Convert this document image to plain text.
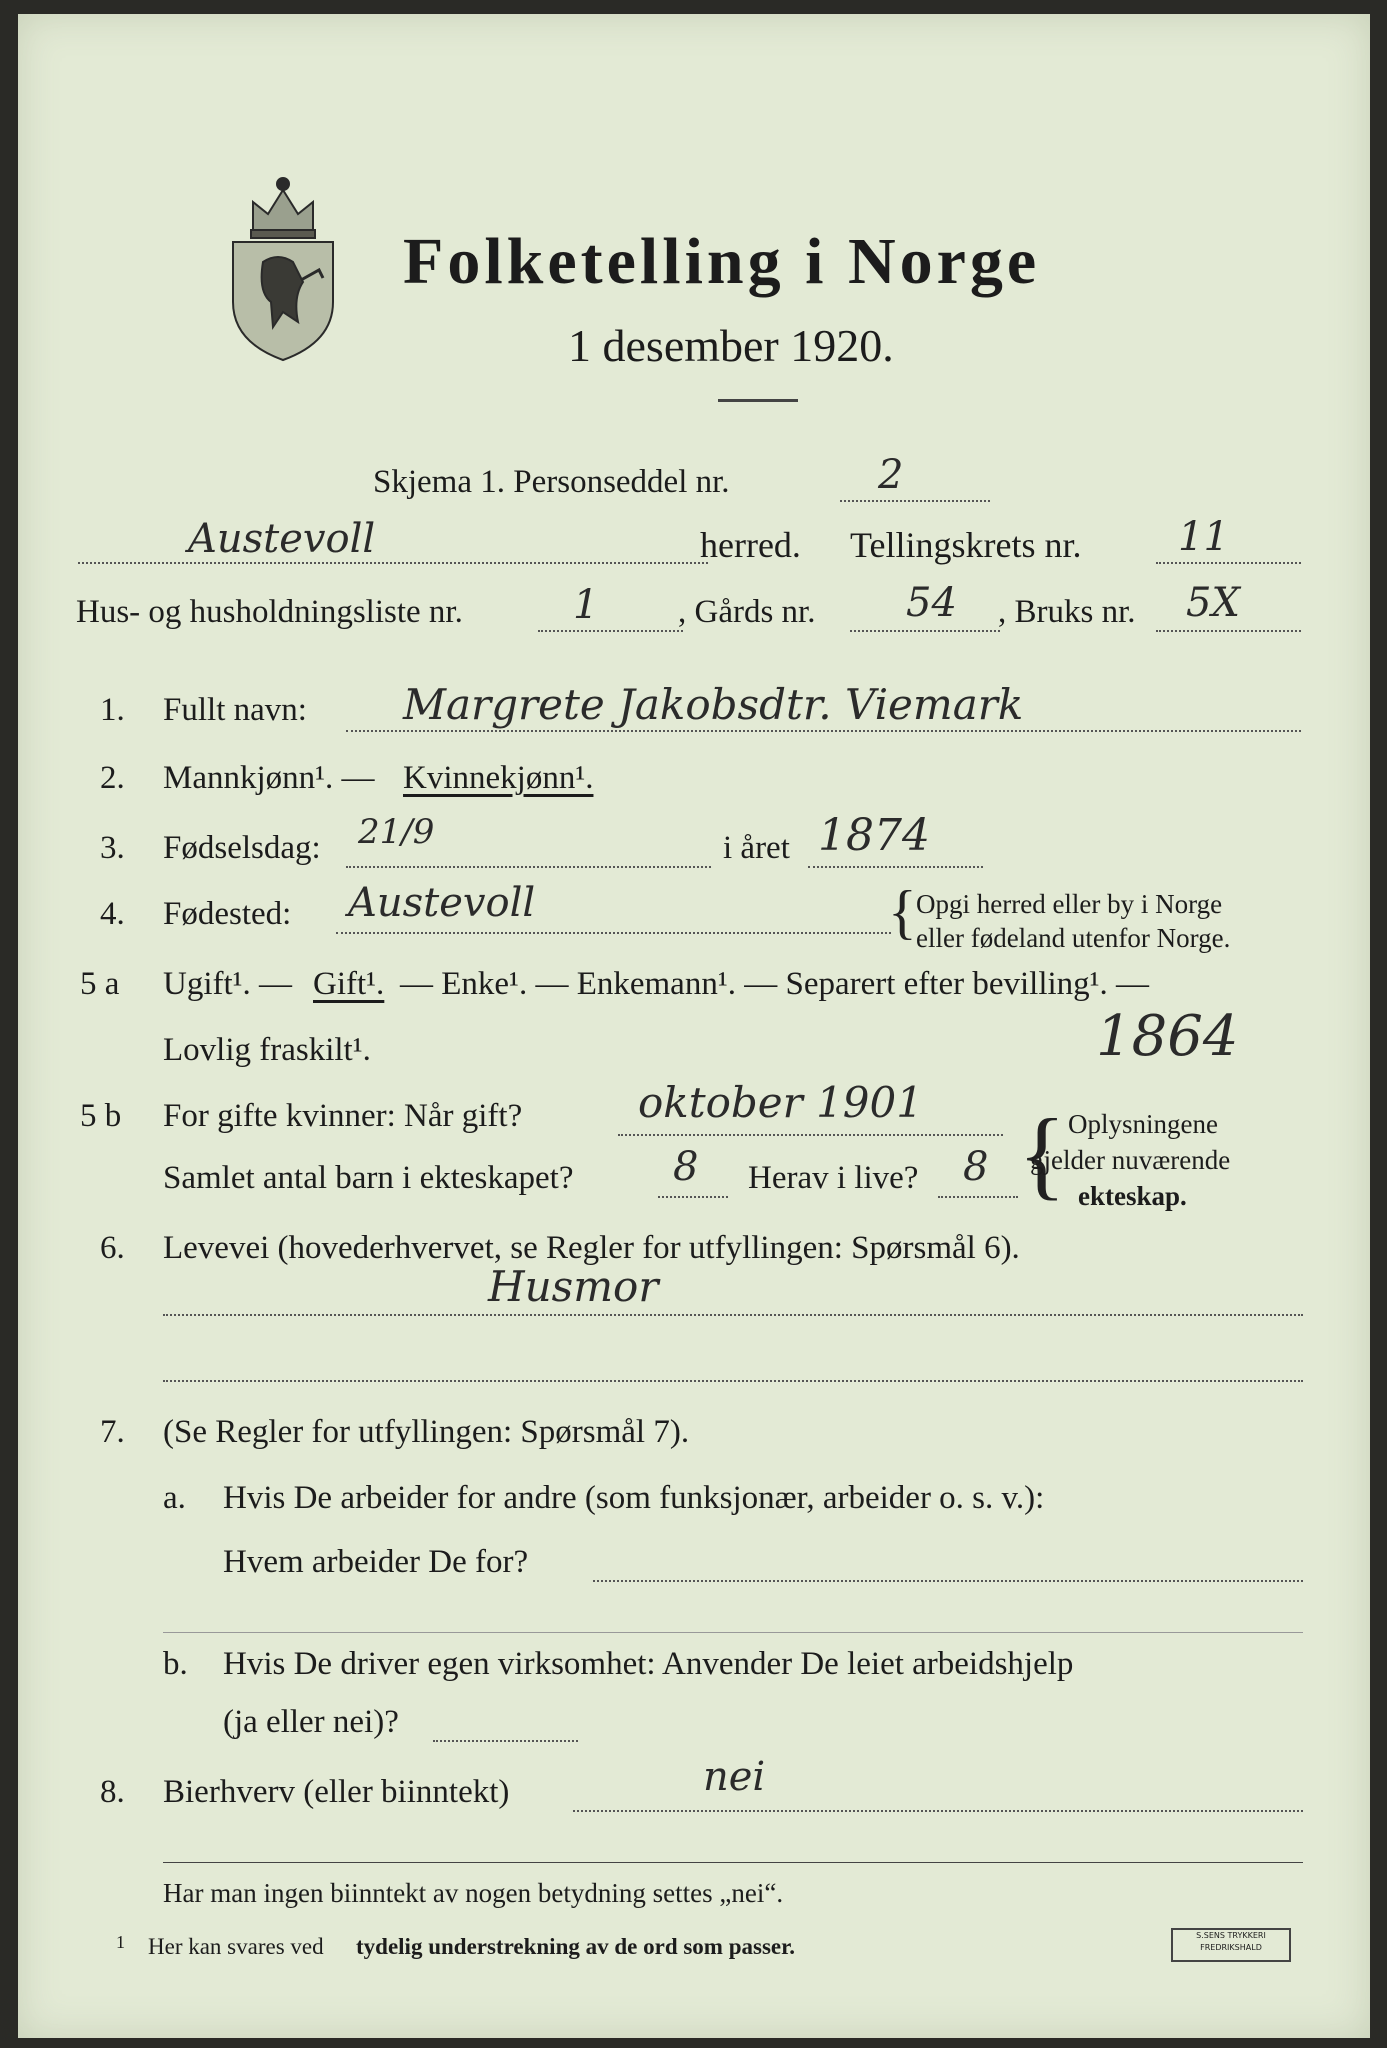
Folketelling i Norge
1 desember 1920.
Skjema 1. Personseddel nr.	2
Austevoll	herred. Tellingskrets nr. 11
Hus- og husholdningsliste nr.	1 , Gårds nr. 54 , Bruks nr. 5X
1. Fullt navn: Margrete Jakobsdtr. Viemark
2. Mannkjønn¹. — Kvinnekjønn¹.
3. Fødselsdag: 21/9	i året 1874
4. Fødested: Austevoll	{ Opgi herred eller by i Norge
eller fødeland utenfor Norge.
5 a Ugift¹. — Gift¹. — Enke¹. — Enkemann¹. — Separert efter bevilling¹. —
Lovlig fraskilt¹.	1864
5 b For gifte kvinner: Når gift?	oktober 1901
Samlet antal barn i ekteskapet? 8 Herav i live? 8 { Oplysningene
gjelder nuværende
ekteskap.
6. Levevei (hovederhvervet, se Regler for utfyllingen: Spørsmål 6).
Husmor
7. (Se Regler for utfyllingen: Spørsmål 7).
a. Hvis De arbeider for andre (som funksjonær, arbeider o. s. v.):
Hvem arbeider De for?
b. Hvis De driver egen virksomhet: Anvender De leiet arbeidshjelp
(ja eller nei)?
8. Bierhverv (eller biinntekt)	nei
Har man ingen biinntekt av nogen betydning settes „nei“.
1 Her kan svares ved tydelig understrekning av de ord som passer.	S.SENS TRYKKERI
FREDRIKSHALD
